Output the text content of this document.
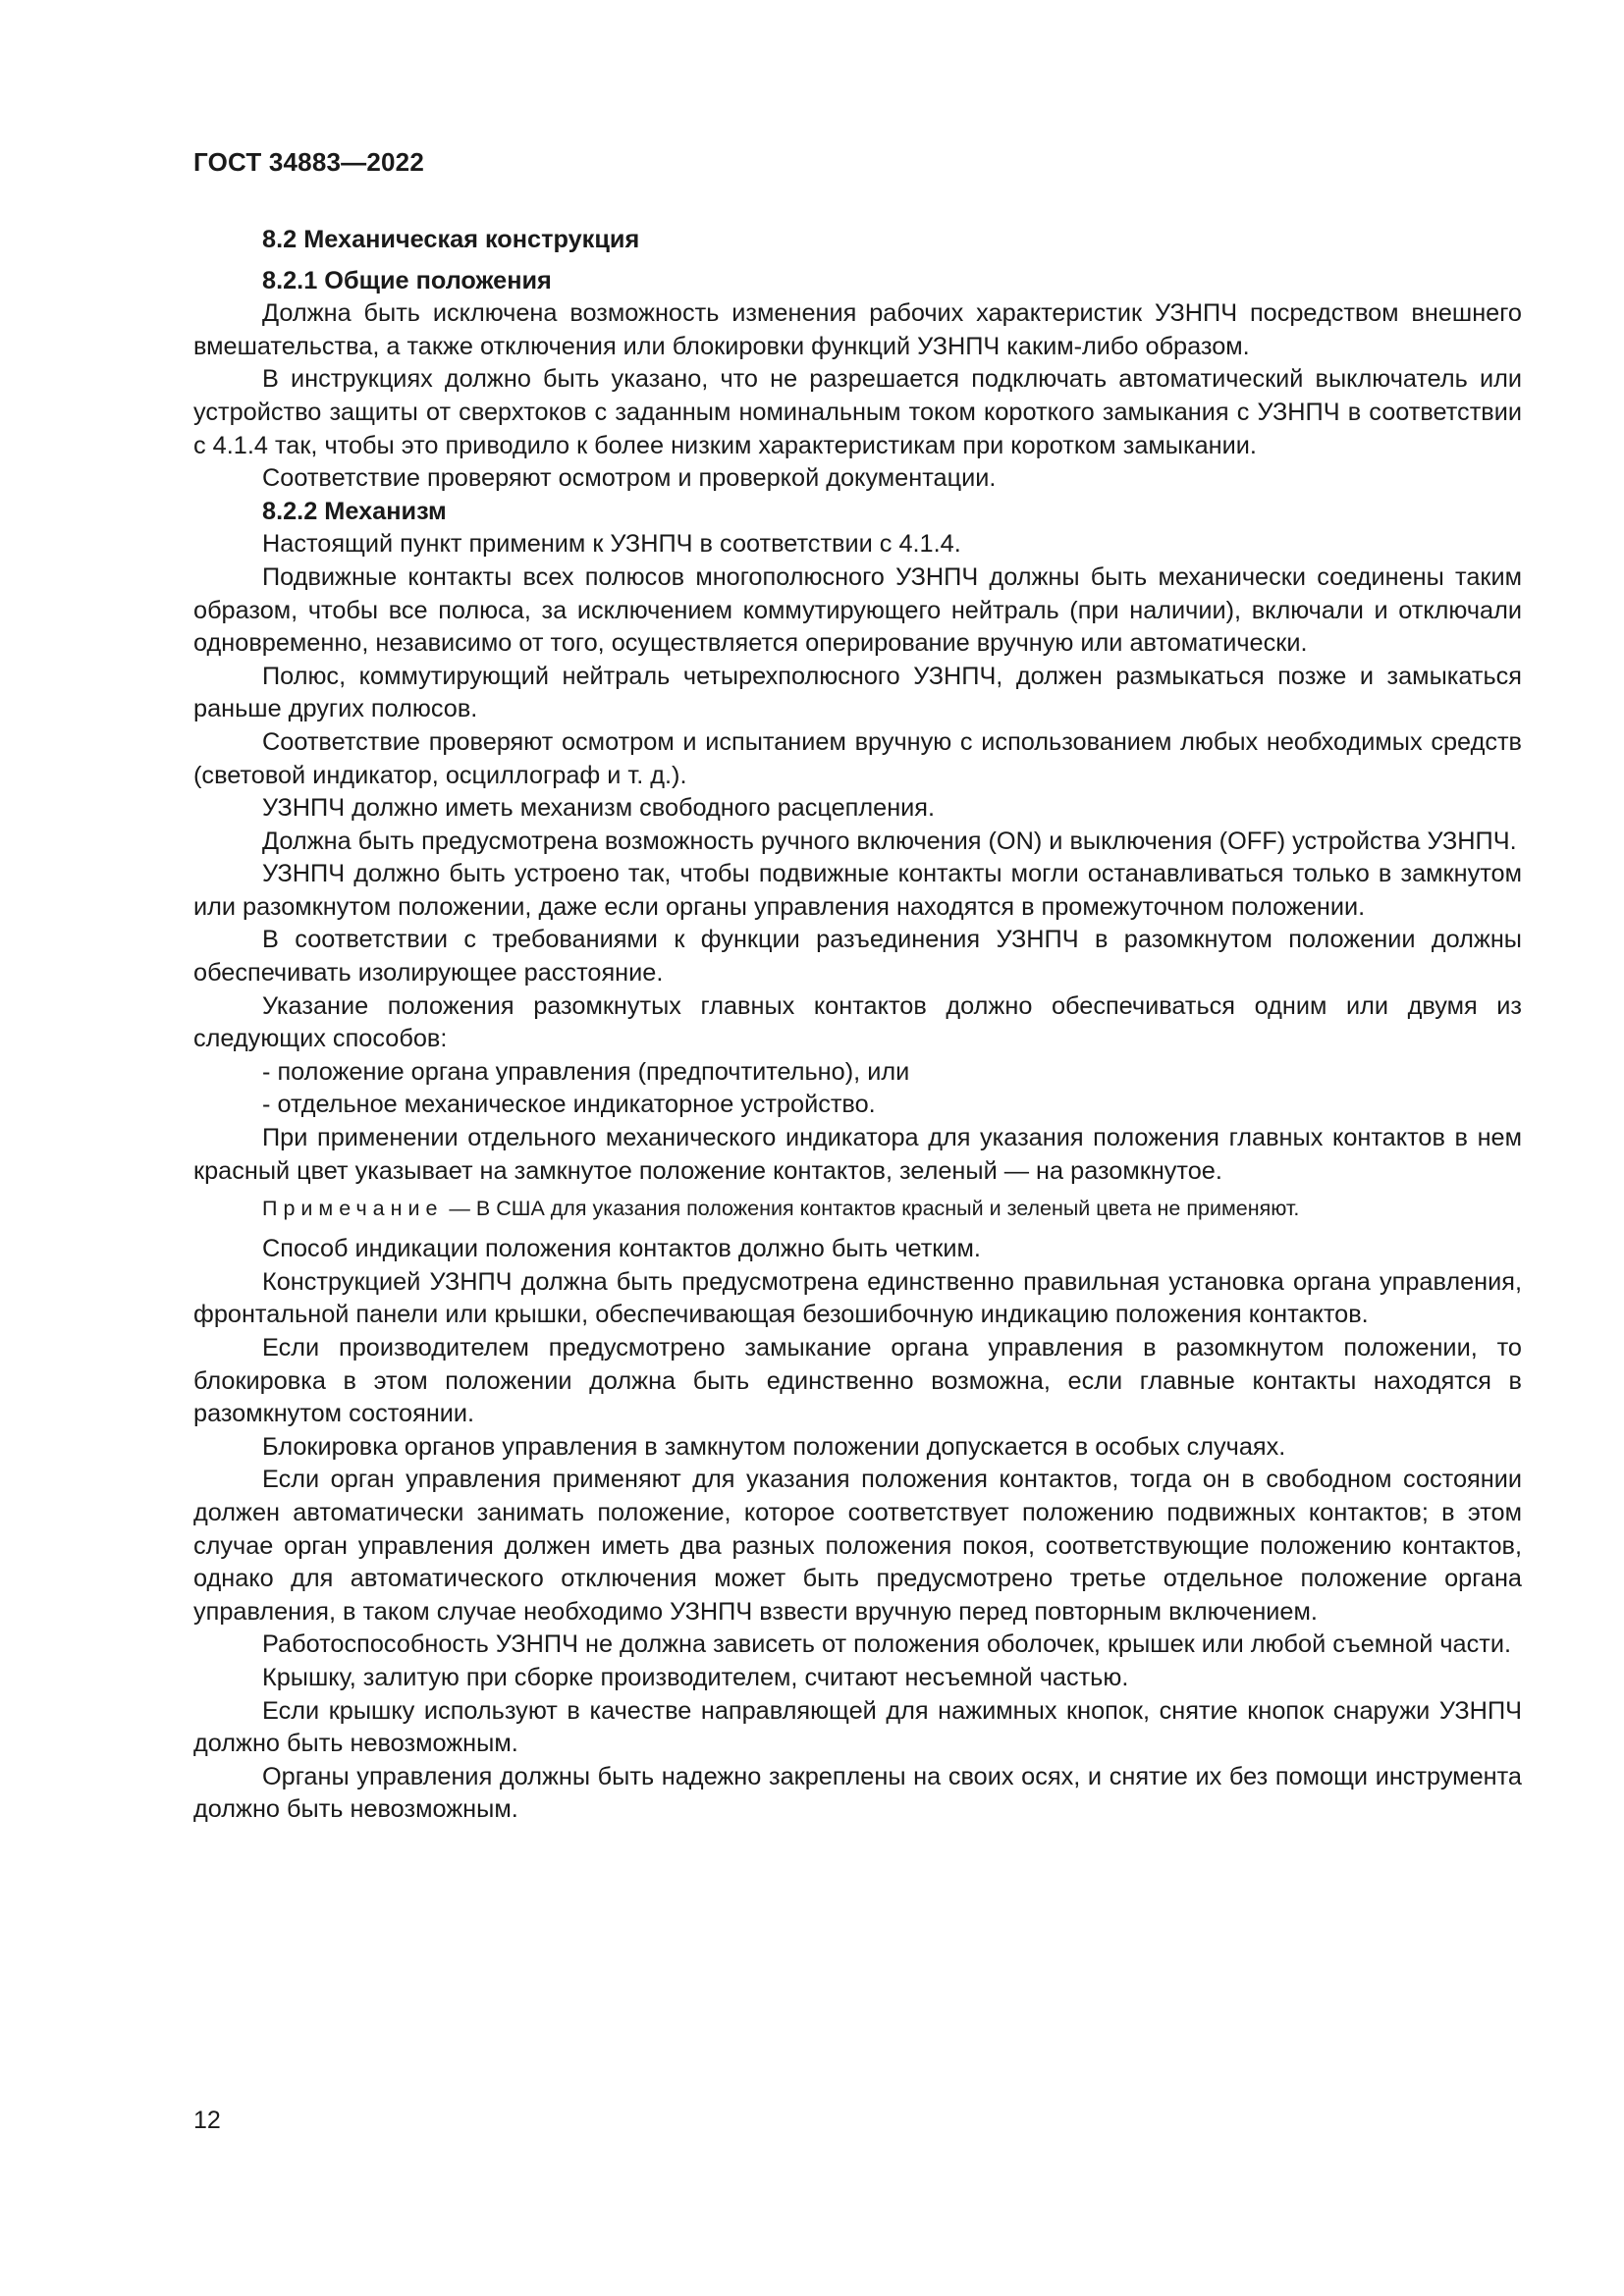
ГОСТ 34883—2022
8.2 Механическая конструкция
8.2.1 Общие положения

Должна быть исключена возможность изменения рабочих характеристик УЗНПЧ посредством внешнего вмешательства, а также отключения или блокировки функций УЗНПЧ каким-либо образом.

В инструкциях должно быть указано, что не разрешается подключать автоматический выключатель или устройство защиты от сверхтоков с заданным номинальным током короткого замыкания с УЗНПЧ в соответствии с 4.1.4 так, чтобы это приводило к более низким характеристикам при коротком замыкании.

Соответствие проверяют осмотром и проверкой документации.

8.2.2 Механизм

Настоящий пункт применим к УЗНПЧ в соответствии с 4.1.4.

Подвижные контакты всех полюсов многополюсного УЗНПЧ должны быть механически соединены таким образом, чтобы все полюса, за исключением коммутирующего нейтраль (при наличии), включали и отключали одновременно, независимо от того, осуществляется оперирование вручную или автоматически.

Полюс, коммутирующий нейтраль четырехполюсного УЗНПЧ, должен размыкаться позже и замыкаться раньше других полюсов.

Соответствие проверяют осмотром и испытанием вручную с использованием любых необходимых средств (световой индикатор, осциллограф и т. д.).

УЗНПЧ должно иметь механизм свободного расцепления.

Должна быть предусмотрена возможность ручного включения (ON) и выключения (OFF) устройства УЗНПЧ.

УЗНПЧ должно быть устроено так, чтобы подвижные контакты могли останавливаться только в замкнутом или разомкнутом положении, даже если органы управления находятся в промежуточном положении.

В соответствии с требованиями к функции разъединения УЗНПЧ в разомкнутом положении должны обеспечивать изолирующее расстояние.

Указание положения разомкнутых главных контактов должно обеспечиваться одним или двумя из следующих способов:

- положение органа управления (предпочтительно), или

- отдельное механическое индикаторное устройство.

При применении отдельного механического индикатора для указания положения главных контактов в нем красный цвет указывает на замкнутое положение контактов, зеленый — на разомкнутое.

Примечание — В США для указания положения контактов красный и зеленый цвета не применяют.

Способ индикации положения контактов должно быть четким.

Конструкцией УЗНПЧ должна быть предусмотрена единственно правильная установка органа управления, фронтальной панели или крышки, обеспечивающая безошибочную индикацию положения контактов.

Если производителем предусмотрено замыкание органа управления в разомкнутом положении, то блокировка в этом положении должна быть единственно возможна, если главные контакты находятся в разомкнутом состоянии.

Блокировка органов управления в замкнутом положении допускается в особых случаях.

Если орган управления применяют для указания положения контактов, тогда он в свободном состоянии должен автоматически занимать положение, которое соответствует положению подвижных контактов; в этом случае орган управления должен иметь два разных положения покоя, соответствующие положению контактов, однако для автоматического отключения может быть предусмотрено третье отдельное положение органа управления, в таком случае необходимо УЗНПЧ взвести вручную перед повторным включением.

Работоспособность УЗНПЧ не должна зависеть от положения оболочек, крышек или любой съемной части.

Крышку, залитую при сборке производителем, считают несъемной частью.

Если крышку используют в качестве направляющей для нажимных кнопок, снятие кнопок снаружи УЗНПЧ должно быть невозможным.

Органы управления должны быть надежно закреплены на своих осях, и снятие их без помощи инструмента должно быть невозможным.

12
